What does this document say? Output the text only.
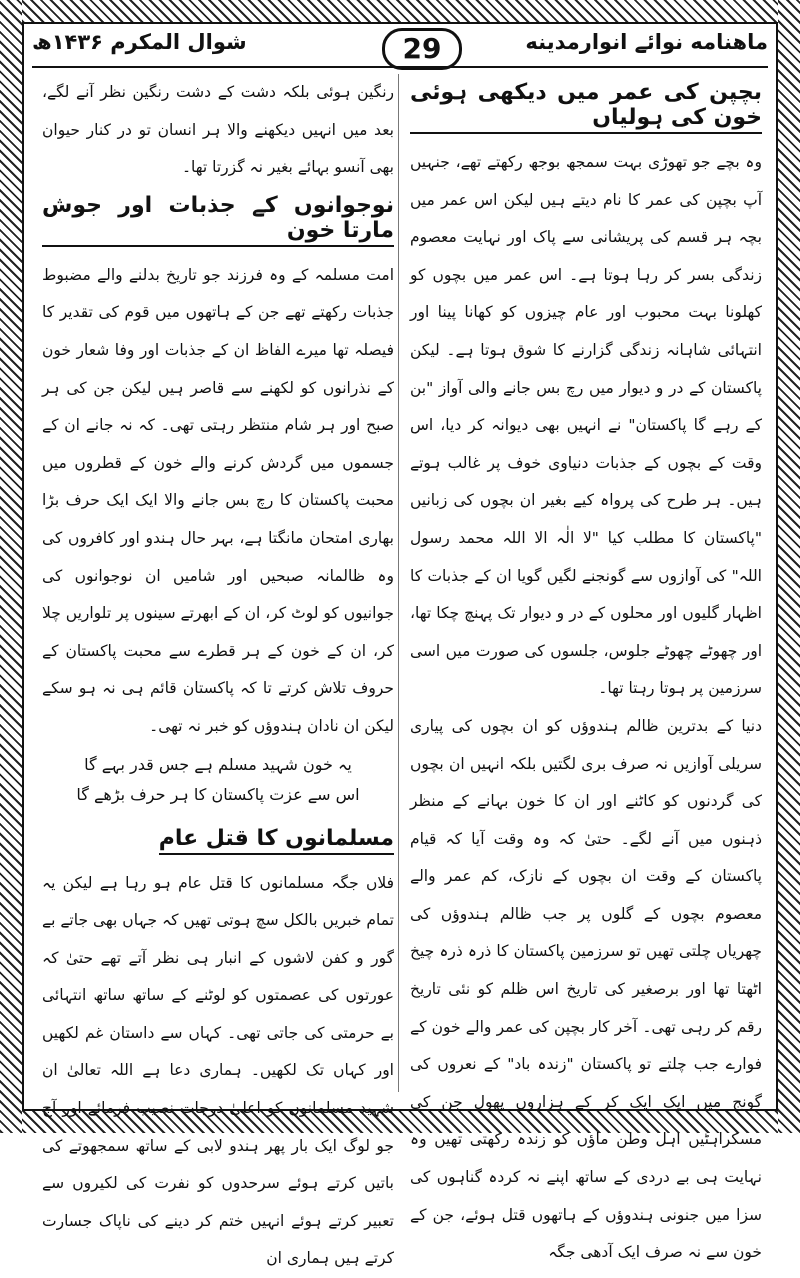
ماهنامه نوائے انوارمدینه
29
شوال المکرم ۱۴۳۶ھ
بچپن کی عمر میں دیکھی ہوئی خون کی ہولیاں

وہ بچے جو تھوڑی بہت سمجھ بوجھ رکھتے تھے، جنہیں آپ بچپن کی عمر کا نام دیتے ہیں لیکن اس عمر میں بچہ ہر قسم کی پریشانی سے پاک اور نہایت معصوم زندگی بسر کر رہا ہوتا ہے۔ اس عمر میں بچوں کو کھلونا بہت محبوب اور عام چیزوں کو کھانا پینا اور انتہائی شاہانہ زندگی گزارنے کا شوق ہوتا ہے۔ لیکن پاکستان کے در و دیوار میں رچ بس جانے والی آواز "بن کے رہے گا پاکستان" نے انہیں بھی دیوانہ کر دیا، اس وقت کے بچوں کے جذبات دنیاوی خوف پر غالب ہوتے ہیں۔ ہر طرح کی پرواہ کیے بغیر ان بچوں کی زبانیں "پاکستان کا مطلب کیا "لا الٰہ الا اللہ محمد رسول اللہ" کی آوازوں سے گونجنے لگیں گویا ان کے جذبات کا اظہار گلیوں اور محلوں کے در و دیوار تک پہنچ چکا تھا، اور چھوٹے چھوٹے جلوس، جلسوں کی صورت میں اسی سرزمین پر ہوتا رہتا تھا۔

دنیا کے بدترین ظالم ہندوؤں کو ان بچوں کی پیاری سریلی آوازیں نہ صرف بری لگتیں بلکہ انہیں ان بچوں کی گردنوں کو کاٹنے اور ان کا خون بہانے کے منظر ذہنوں میں آنے لگے۔ حتیٰ کہ وہ وقت آیا کہ قیام پاکستان کے وقت ان بچوں کے نازک، کم عمر والے معصوم بچوں کے گلوں پر جب ظالم ہندوؤں کی چھریاں چلتی تھیں تو سرزمین پاکستان کا ذرہ ذرہ چیخ اٹھتا تھا اور برصغیر کی تاریخ اس ظلم کو نئی تاریخ رقم کر رہی تھی۔ آخر کار بچپن کی عمر والے خون کے فوارے جب چلتے تو پاکستان "زندہ باد" کے نعروں کی گونج میں ایک ایک کر کے ہزاروں پھول جن کی مسکراہٹیں اہل وطن ماؤں کو زندہ رکھتی تھیں وہ نہایت ہی بے دردی کے ساتھ اپنے نہ کردہ گناہوں کی سزا میں جنونی ہندوؤں کے ہاتھوں قتل ہوئے، جن کے خون سے نہ صرف ایک آدھی جگہ

رنگین ہوئی بلکہ دشت کے دشت رنگین نظر آنے لگے، بعد میں انہیں دیکھنے والا ہر انسان تو در کنار حیوان بھی آنسو بہائے بغیر نہ گزرتا تھا۔

نوجوانوں کے جذبات اور جوش مارتا خون

امت مسلمہ کے وہ فرزند جو تاریخ بدلنے والے مضبوط جذبات رکھتے تھے جن کے ہاتھوں میں قوم کی تقدیر کا فیصلہ تھا میرے الفاظ ان کے جذبات اور وفا شعار خون کے نذرانوں کو لکھنے سے قاصر ہیں لیکن جن کی ہر صبح اور ہر شام منتظر رہتی تھی۔ کہ نہ جانے ان کے جسموں میں گردش کرنے والے خون کے قطروں میں محبت پاکستان کا رچ بس جانے والا ایک ایک حرف بڑا بھاری امتحان مانگتا ہے، بہر حال ہندو اور کافروں کی وہ ظالمانہ صبحیں اور شامیں ان نوجوانوں کی جوانیوں کو لوٹ کر، ان کے ابھرتے سینوں پر تلواریں چلا کر، ان کے خون کے ہر قطرے سے محبت پاکستان کے حروف تلاش کرتے تا کہ پاکستان قائم ہی نہ ہو سکے لیکن ان نادان ہندوؤں کو خبر نہ تھی۔

یہ خون شہید مسلم ہے جس قدر بہے گا
اس سے عزت پاکستان کا ہر حرف بڑھے گا
مسلمانوں کا قتل عام

فلاں جگہ مسلمانوں کا قتل عام ہو رہا ہے لیکن یہ تمام خبریں بالکل سچ ہوتی تھیں کہ جہاں بھی جاتے بے گور و کفن لاشوں کے انبار ہی نظر آتے تھے حتیٰ کہ عورتوں کی عصمتوں کو لوٹنے کے ساتھ ساتھ انتہائی بے حرمتی کی جاتی تھی۔ کہاں سے داستان غم لکھیں اور کہاں تک لکھیں۔ ہماری دعا ہے اللہ تعالیٰ ان شہید مسلمانوں کو اعلیٰ درجات نصیب فرمائے اور آج جو لوگ ایک بار پھر ہندو لابی کے ساتھ سمجھوتے کی باتیں کرتے ہوئے سرحدوں کو نفرت کی لکیروں سے تعبیر کرتے ہوئے انہیں ختم کر دینے کی ناپاک جسارت کرتے ہیں ہماری ان
